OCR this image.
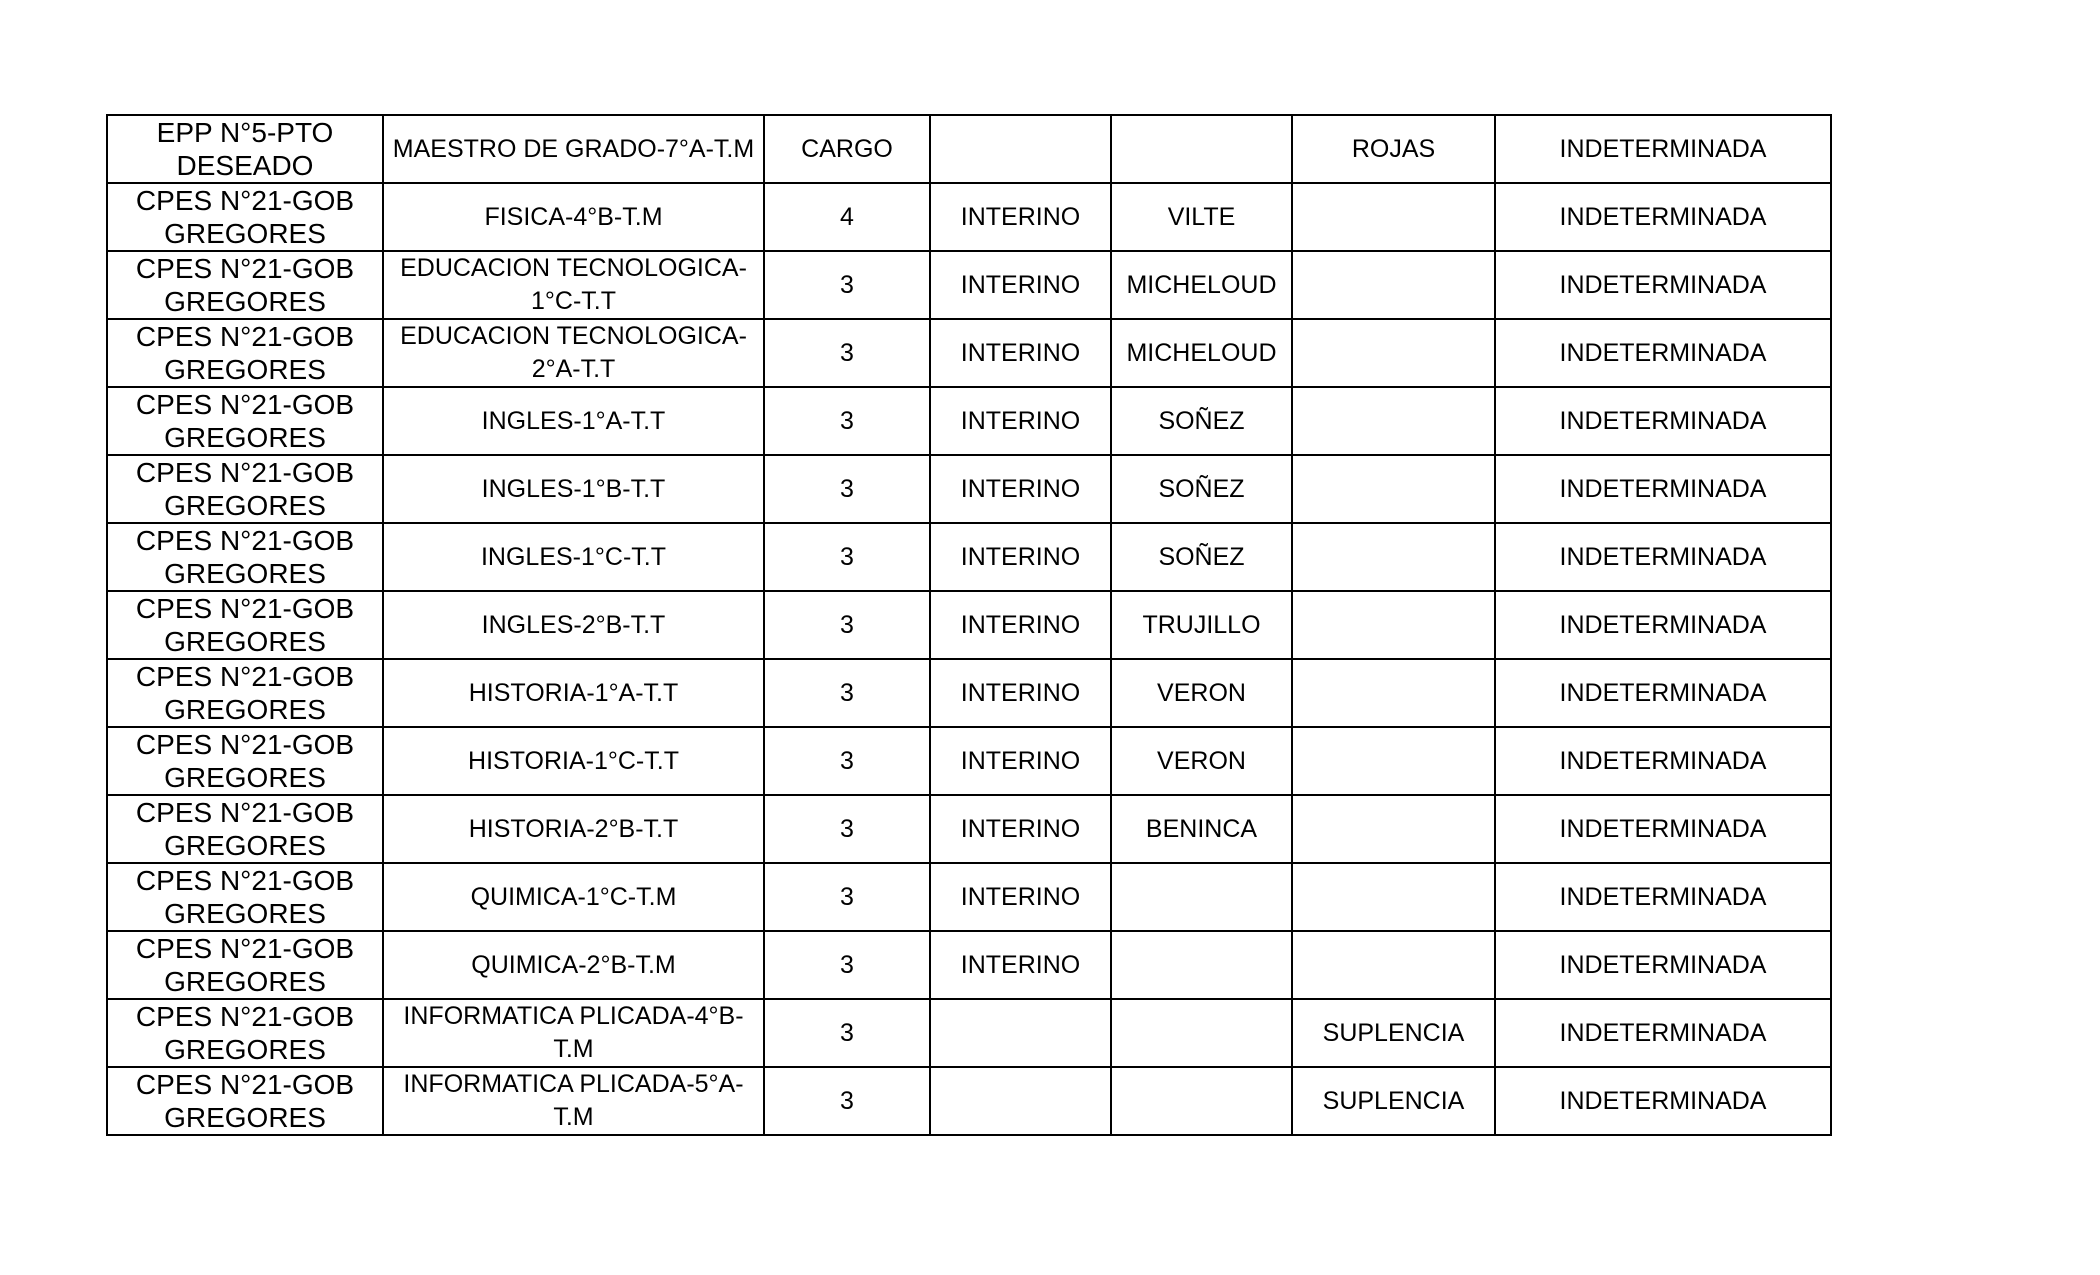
EPP N°5-PTO DESEADO	MAESTRO DE GRADO-7°A-T.M	CARGO			ROJAS	INDETERMINADA
CPES N°21-GOB GREGORES	FISICA-4°B-T.M	4	INTERINO	VILTE		INDETERMINADA
CPES N°21-GOB GREGORES	EDUCACION TECNOLOGICA-1°C-T.T	3	INTERINO	MICHELOUD		INDETERMINADA
CPES N°21-GOB GREGORES	EDUCACION TECNOLOGICA-2°A-T.T	3	INTERINO	MICHELOUD		INDETERMINADA
CPES N°21-GOB GREGORES	INGLES-1°A-T.T	3	INTERINO	SOÑEZ		INDETERMINADA
CPES N°21-GOB GREGORES	INGLES-1°B-T.T	3	INTERINO	SOÑEZ		INDETERMINADA
CPES N°21-GOB GREGORES	INGLES-1°C-T.T	3	INTERINO	SOÑEZ		INDETERMINADA
CPES N°21-GOB GREGORES	INGLES-2°B-T.T	3	INTERINO	TRUJILLO		INDETERMINADA
CPES N°21-GOB GREGORES	HISTORIA-1°A-T.T	3	INTERINO	VERON		INDETERMINADA
CPES N°21-GOB GREGORES	HISTORIA-1°C-T.T	3	INTERINO	VERON		INDETERMINADA
CPES N°21-GOB GREGORES	HISTORIA-2°B-T.T	3	INTERINO	BENINCA		INDETERMINADA
CPES N°21-GOB GREGORES	QUIMICA-1°C-T.M	3	INTERINO			INDETERMINADA
CPES N°21-GOB GREGORES	QUIMICA-2°B-T.M	3	INTERINO			INDETERMINADA
CPES N°21-GOB GREGORES	INFORMATICA PLICADA-4°B-T.M	3			SUPLENCIA	INDETERMINADA
CPES N°21-GOB GREGORES	INFORMATICA PLICADA-5°A-T.M	3			SUPLENCIA	INDETERMINADA
